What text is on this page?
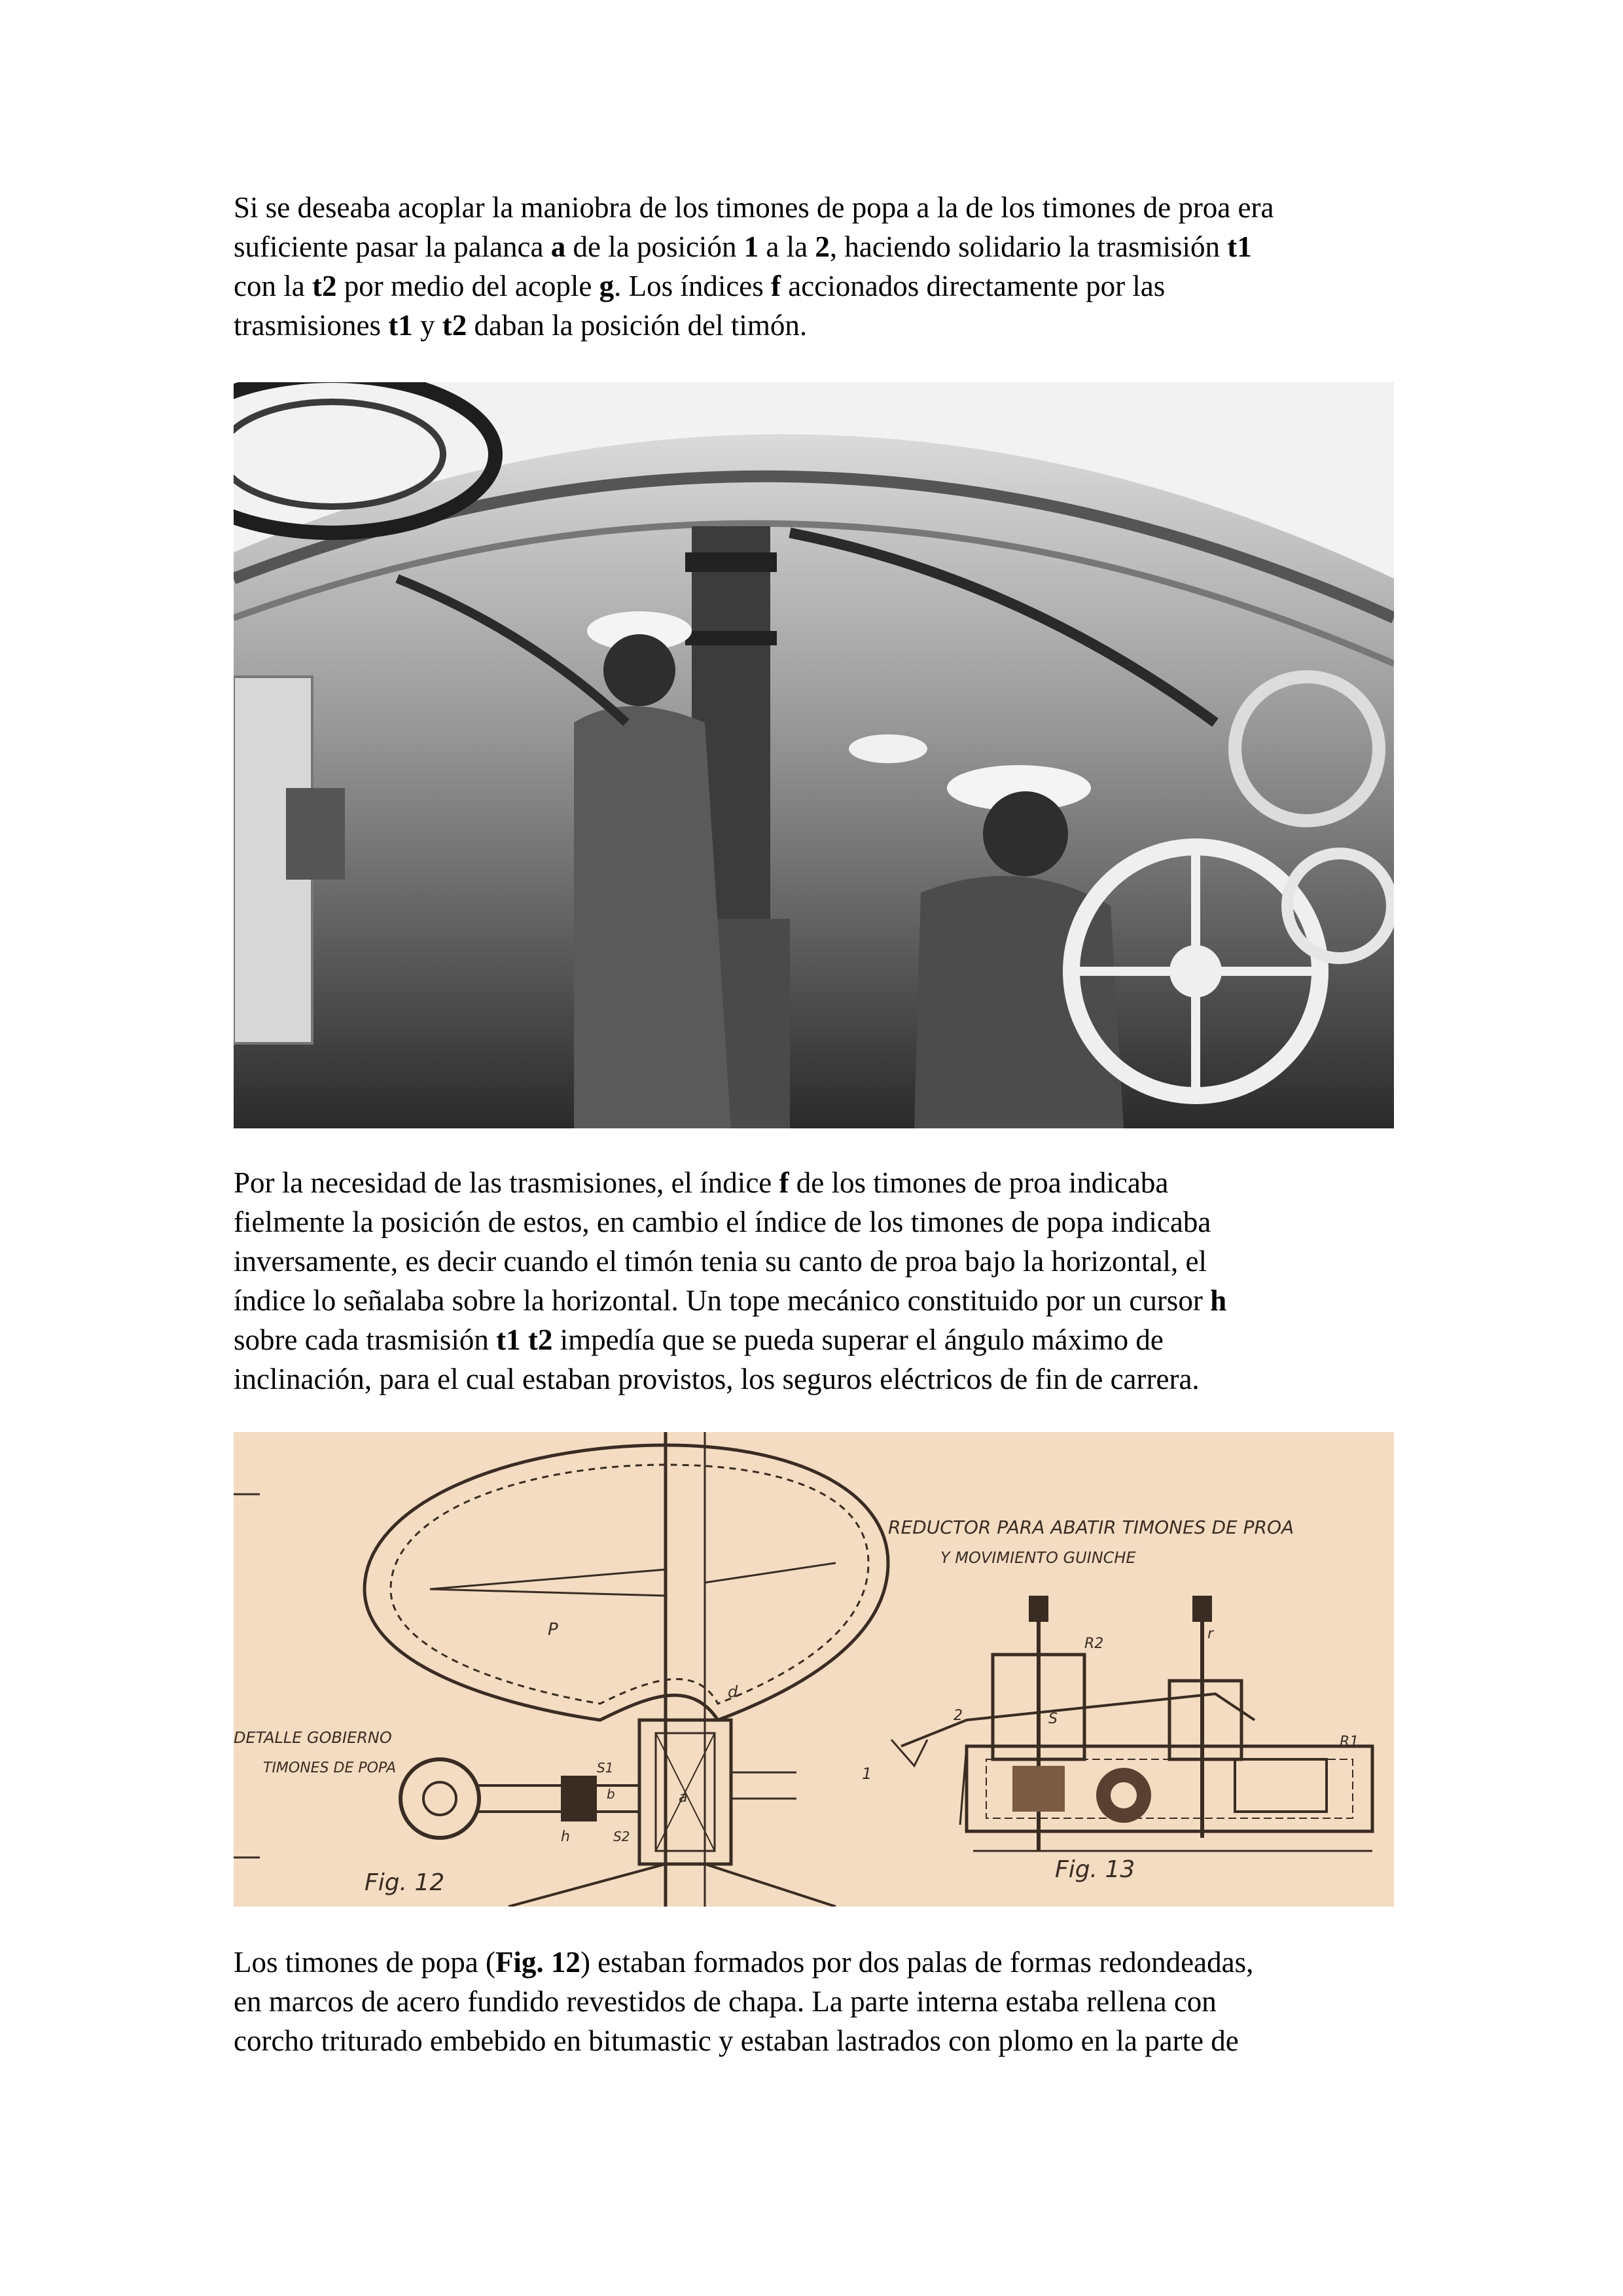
Si se deseaba acoplar la maniobra de los timones de popa a la de los timones de proa era
suficiente pasar la palanca a de la posición 1 a la 2, haciendo solidario la trasmisión t1
con la t2 por medio del acople g. Los índices f accionados directamente por las
trasmisiones t1 y t2 daban la posición del timón.
Por la necesidad de las trasmisiones, el índice f de los timones de proa indicaba
fielmente la posición de estos, en cambio el índice de los timones de popa indicaba
inversamente, es decir cuando el timón tenia su canto de proa bajo la horizontal, el
índice lo señalaba sobre la horizontal. Un tope mecánico constituido por un cursor h
sobre cada trasmisión t1 t2 impedía que se pueda superar el ángulo máximo de
inclinación, para el cual estaban provistos, los seguros eléctricos de fin de carrera.
REDUCTOR PARA ABATIR TIMONES DE PROA
Y MOVIMIENTO GUINCHE
DETALLE GOBIERNO
TIMONES DE POPA
Fig. 12	Fig. 13
P
d
a
S1
S2
b
h
R1
R2
r
1
2	S
Los timones de popa (Fig. 12) estaban formados por dos palas de formas redondeadas,
en marcos de acero fundido revestidos de chapa. La parte interna estaba rellena con
corcho triturado embebido en bitumastic y estaban lastrados con plomo en la parte de
